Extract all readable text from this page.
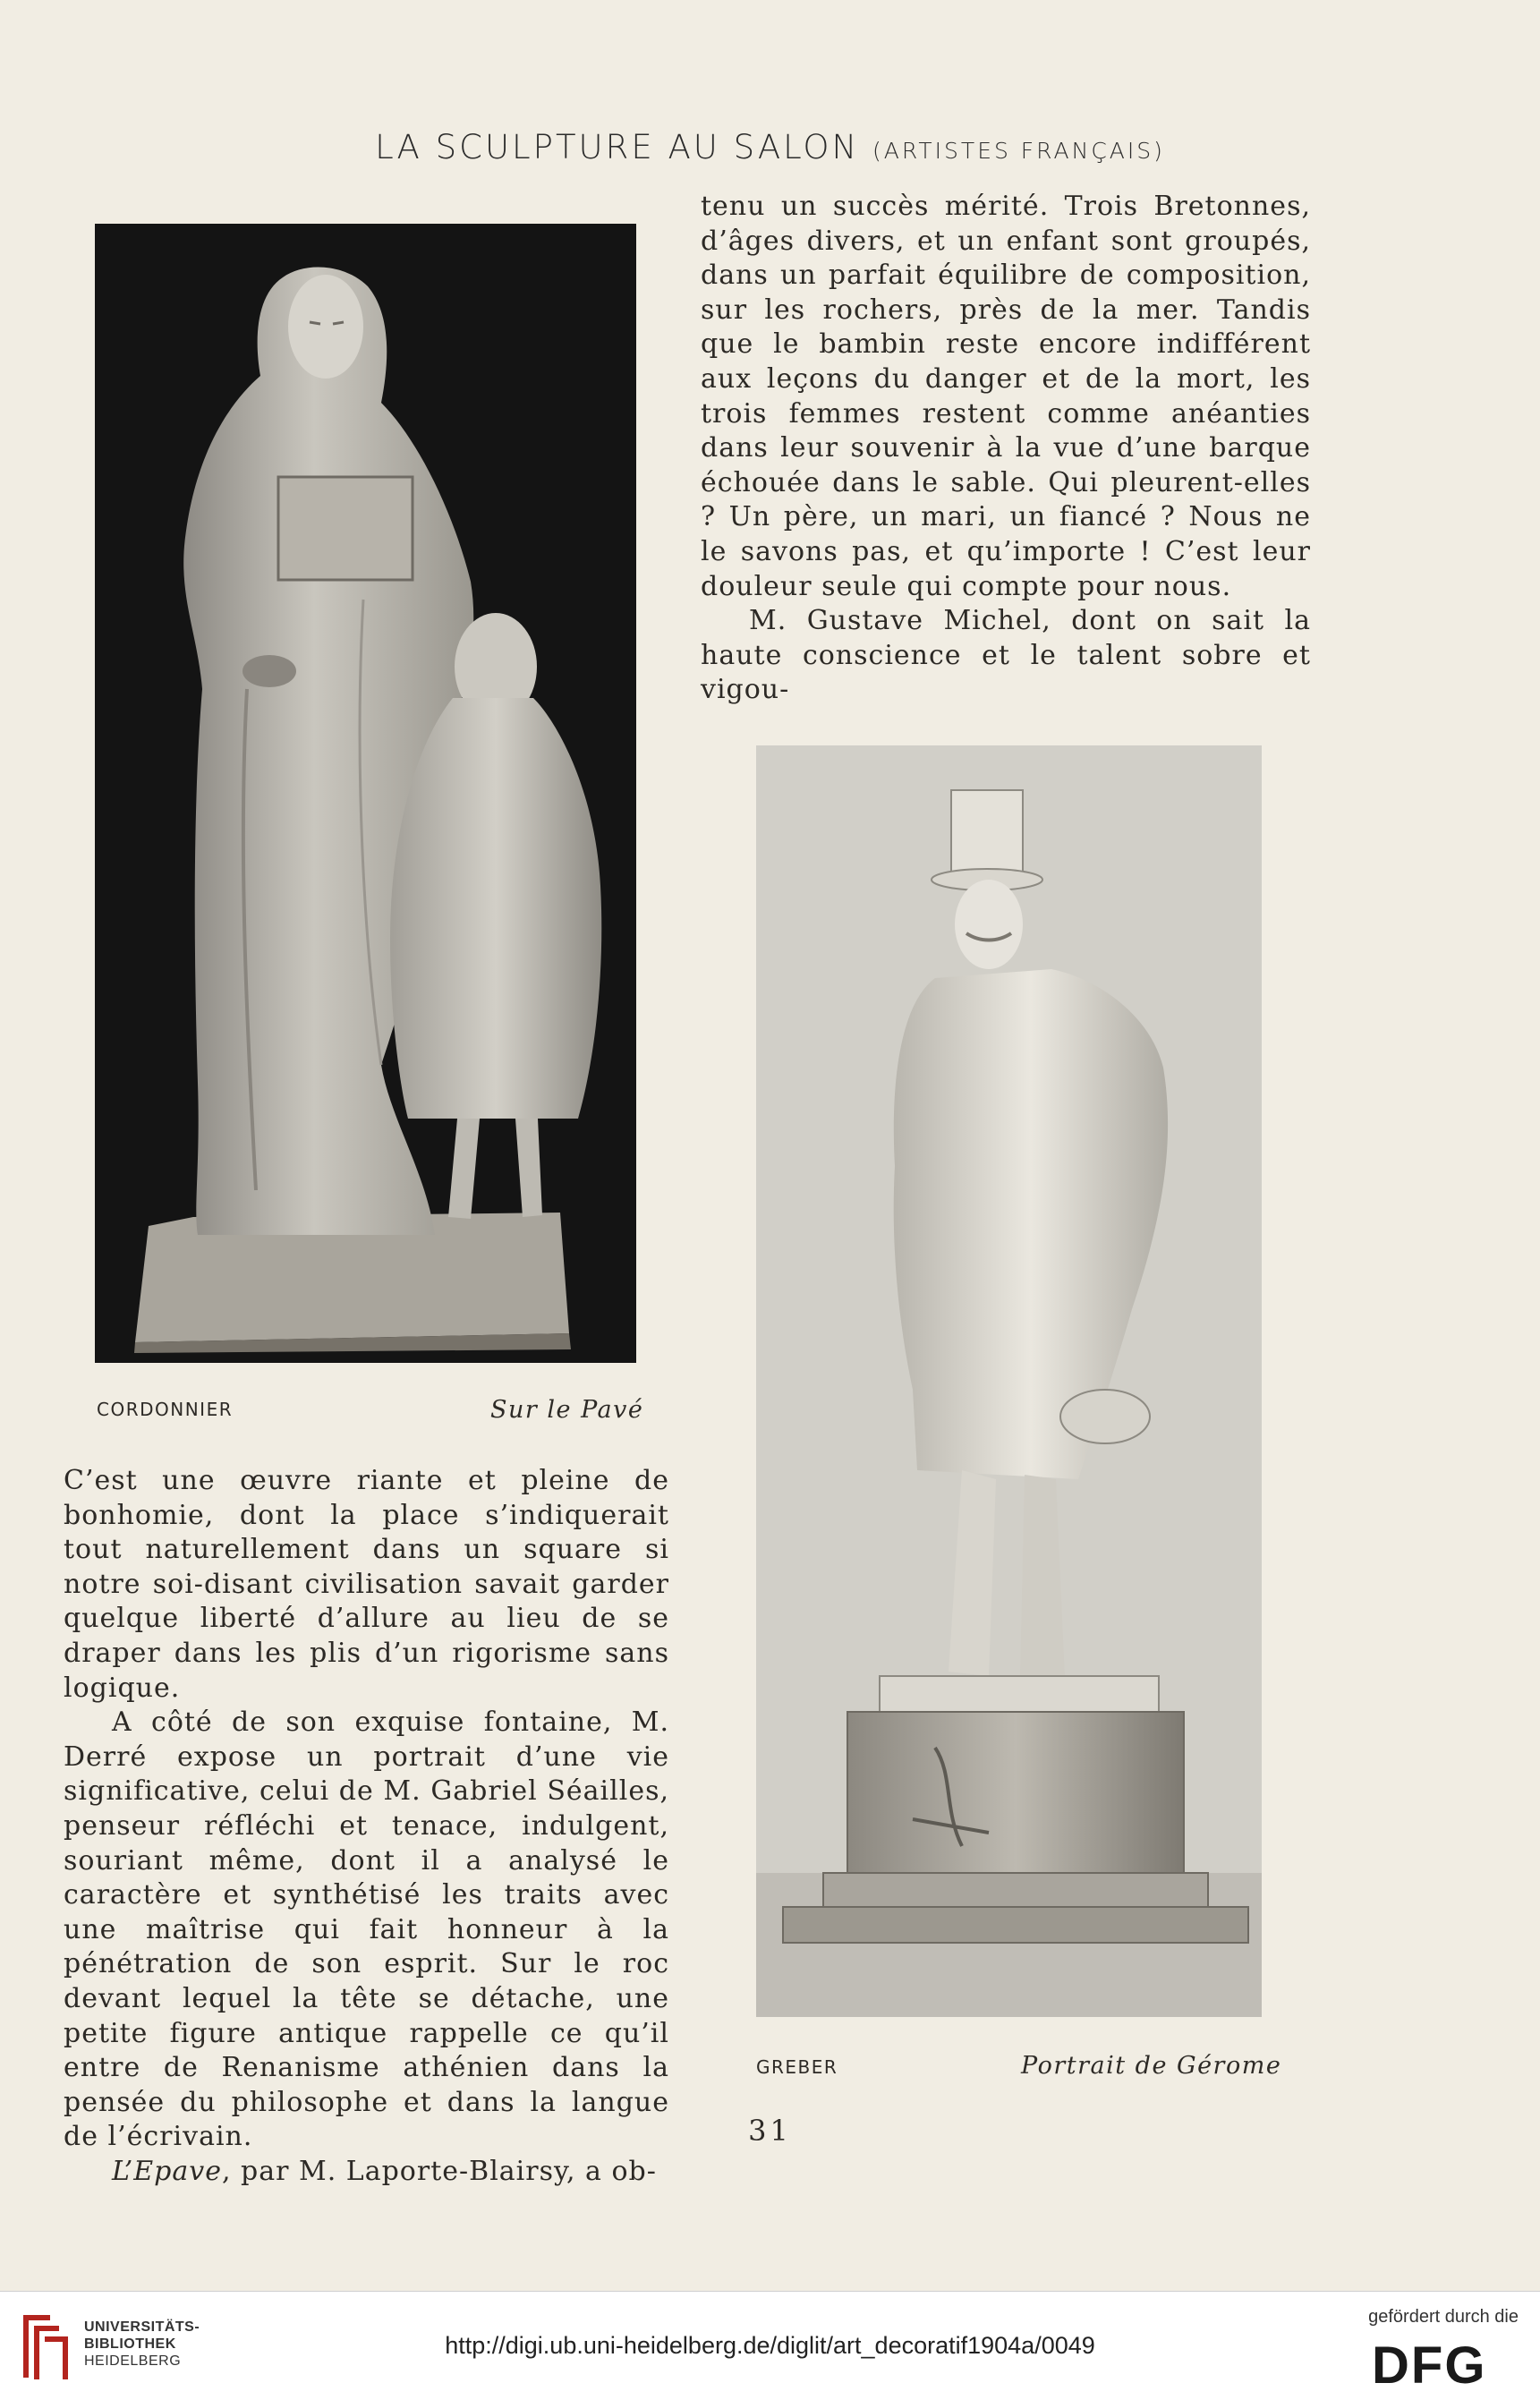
LA SCULPTURE AU SALON (ARTISTES FRANÇAIS)
CORDONNIER	Sur le Pavé

tenu un succès mérité. Trois Bretonnes, d’âges divers, et un enfant sont groupés, dans un parfait équilibre de composition, sur les rochers, près de la mer. Tandis que le bambin reste encore indifférent aux leçons du danger et de la mort, les trois femmes restent comme anéanties dans leur souvenir à la vue d’une barque échouée dans le sable. Qui pleurent-elles ? Un père, un mari, un fiancé ? Nous ne le savons pas, et qu’importe ! C’est leur douleur seule qui compte pour nous.

M. Gustave Michel, dont on sait la haute conscience et le talent sobre et vigou-

GREBER	Portrait de Gérome

C’est une œuvre riante et pleine de bonhomie, dont la place s’indiquerait tout naturellement dans un square si notre soi-disant civilisation savait garder quelque liberté d’allure au lieu de se draper dans les plis d’un rigorisme sans logique.

A côté de son exquise fontaine, M. Derré expose un portrait d’une vie significative, celui de M. Gabriel Séailles, penseur réfléchi et tenace, indulgent, souriant même, dont il a analysé le caractère et synthétisé les traits avec une maîtrise qui fait honneur à la pénétration de son esprit. Sur le roc devant lequel la tête se détache, une petite figure antique rappelle ce qu’il entre de Renanisme athénien dans la pensée du philosophe et dans la langue de l’écrivain.

L’Epave, par M. Laporte-Blairsy, a ob-

31
UNIVERSITÄTS-
BIBLIOTHEK
HEIDELBERG
http://digi.ub.uni-heidelberg.de/diglit/art_decoratif1904a/0049
gefördert durch die
DFG
